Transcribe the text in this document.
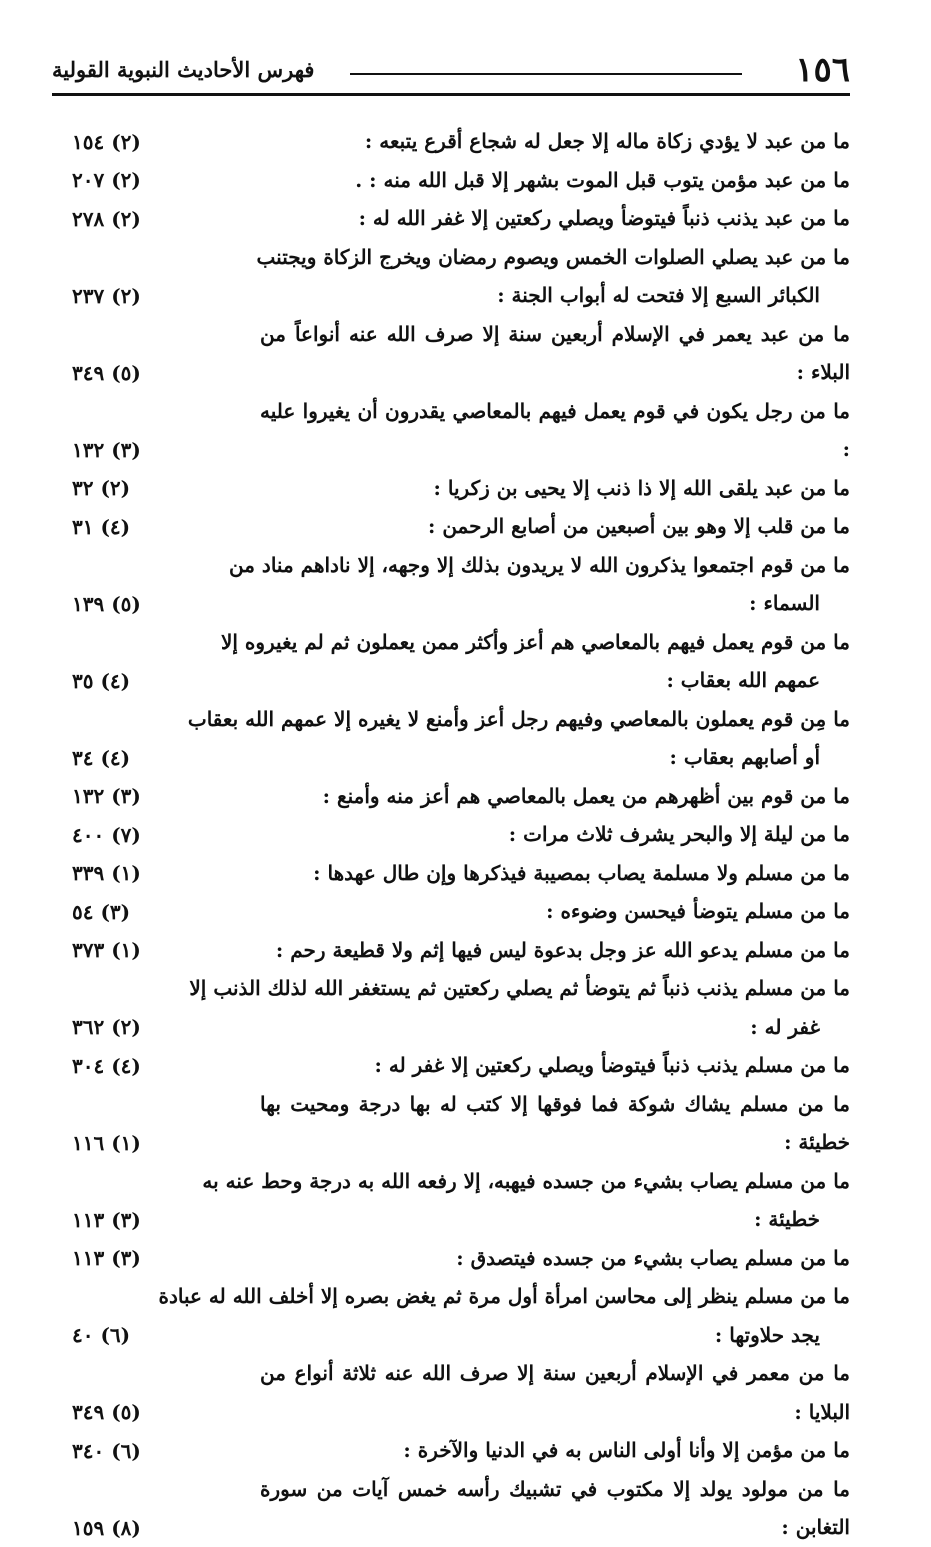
١٥٦
فهرس الأحاديث النبوية القولية
ما من عبد لا يؤدي زكاة ماله إلا جعل له شجاع أقرع يتبعه :
(٢) ١٥٤
ما من عبد مؤمن يتوب قبل الموت بشهر إلا قبل الله منه : .
(٢) ٢٠٧
ما من عبد يذنب ذنباً فيتوضأ ويصلي ركعتين إلا غفر الله له :
(٢) ٢٧٨
ما من عبد يصلي الصلوات الخمس ويصوم رمضان ويخرج الزكاة ويجتنب
الكبائر السبع إلا فتحت له أبواب الجنة :
(٢) ٢٣٧
ما من عبد يعمر في الإسلام أربعين سنة إلا صرف الله عنه أنواعاً من البلاء :
(٥) ٣٤٩
ما من رجل يكون في قوم يعمل فيهم بالمعاصي يقدرون أن يغيروا عليه :
(٣) ١٣٢
ما من عبد يلقى الله إلا ذا ذنب إلا يحيى بن زكريا :
(٢) ٣٢
ما من قلب إلا وهو بين أصبعين من أصابع الرحمن :
(٤) ٣١
ما من قوم اجتمعوا يذكرون الله لا يريدون بذلك إلا وجهه، إلا ناداهم مناد من
السماء :
(٥) ١٣٩
ما من قوم يعمل فيهم بالمعاصي هم أعز وأكثر ممن يعملون ثم لم يغيروه إلا
عمهم الله بعقاب :
(٤) ٣٥
ما مِن قوم يعملون بالمعاصي وفيهم رجل أعز وأمنع لا يغيره إلا عمهم الله بعقاب
أو أصابهم بعقاب :
(٤) ٣٤
ما من قوم بين أظهرهم من يعمل بالمعاصي هم أعز منه وأمنع :
(٣) ١٣٢
ما من ليلة إلا والبحر يشرف ثلاث مرات :
(٧) ٤٠٠
ما من مسلم ولا مسلمة يصاب بمصيبة فيذكرها وإن طال عهدها :
(١) ٣٣٩
ما من مسلم يتوضأ فيحسن وضوءه :
(٣) ٥٤
ما من مسلم يدعو الله عز وجل بدعوة ليس فيها إثم ولا قطيعة رحم :
(١) ٣٧٣
ما من مسلم يذنب ذنباً ثم يتوضأ ثم يصلي ركعتين ثم يستغفر الله لذلك الذنب إلا
غفر له :
(٢) ٣٦٢
ما من مسلم يذنب ذنباً فيتوضأ ويصلي ركعتين إلا غفر له :
(٤) ٣٠٤
ما من مسلم يشاك شوكة فما فوقها إلا كتب له بها درجة ومحيت بها خطيئة :
(١) ١١٦
ما من مسلم يصاب بشيء من جسده فيهبه، إلا رفعه الله به درجة وحط عنه به
خطيئة :
(٣) ١١٣
ما من مسلم يصاب بشيء من جسده فيتصدق :
(٣) ١١٣
ما من مسلم ينظر إلى محاسن امرأة أول مرة ثم يغض بصره إلا أخلف الله له عبادة
يجد حلاوتها :
(٦) ٤٠
ما من معمر في الإسلام أربعين سنة إلا صرف الله عنه ثلاثة أنواع من البلايا :
(٥) ٣٤٩
ما من مؤمن إلا وأنا أولى الناس به في الدنيا والآخرة :
(٦) ٣٤٠
ما من مولود يولد إلا مكتوب في تشبيك رأسه خمس آيات من سورة التغابن :
(٨) ١٥٩
